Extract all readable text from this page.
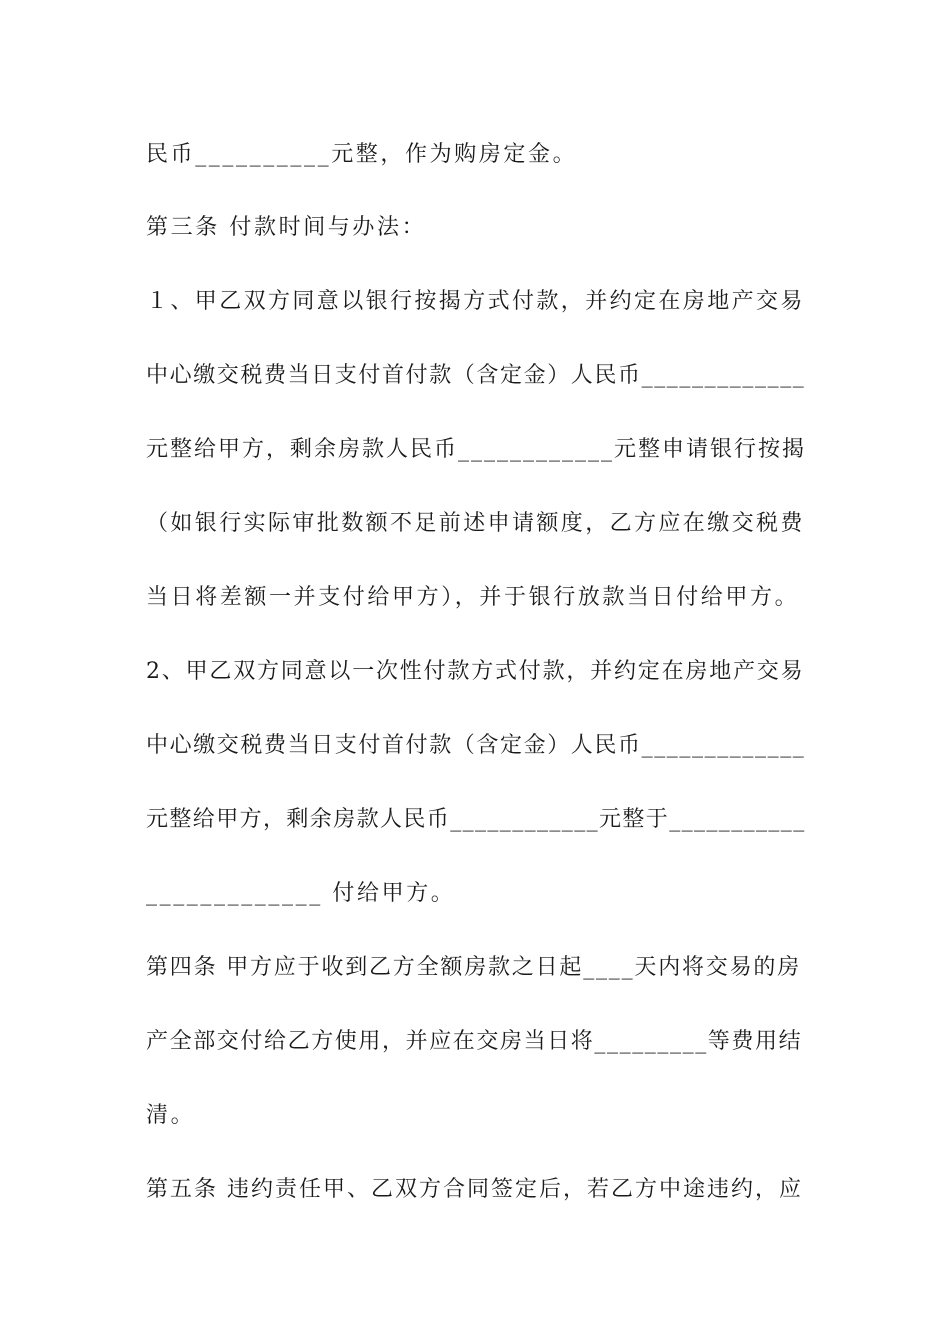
民币__________元整，作为购房定金。
第三条 付款时间与办法：
１、甲乙双方同意以银行按揭方式付款，并约定在房地产交易
中心缴交税费当日支付首付款（含定金）人民币_____________
元整给甲方，剩余房款人民币____________元整申请银行按揭
（如银行实际审批数额不足前述申请额度，乙方应在缴交税费
当日将差额一并支付给甲方），并于银行放款当日付给甲方。
2、甲乙双方同意以一次性付款方式付款，并约定在房地产交易
中心缴交税费当日支付首付款（含定金）人民币_____________
元整给甲方，剩余房款人民币____________元整于___________
_____________ 付给甲方。
第四条 甲方应于收到乙方全额房款之日起____天内将交易的房
产全部交付给乙方使用，并应在交房当日将_________等费用结
清。
第五条 违约责任甲、乙双方合同签定后，若乙方中途违约，应
